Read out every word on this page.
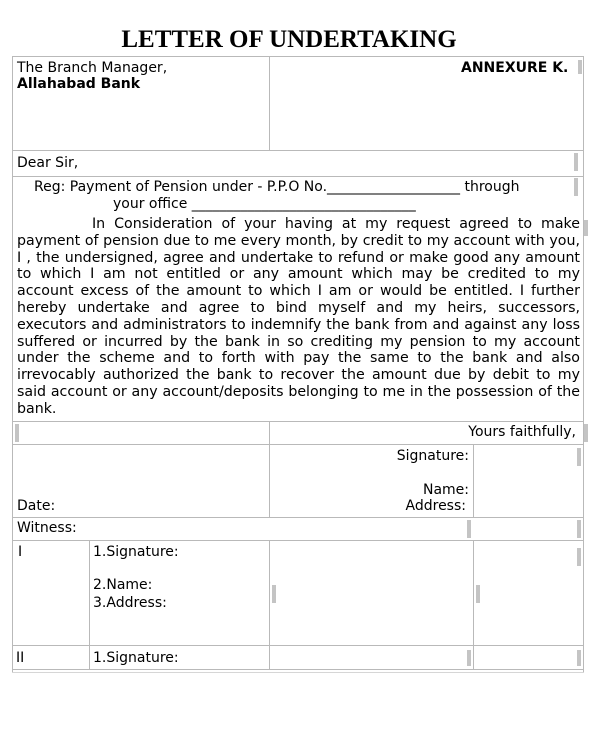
LETTER OF UNDERTAKING
The Branch Manager,
Allahabad Bank
ANNEXURE K.
Dear Sir,
Reg: Payment of Pension under - P.P.O No.___________________ through
your office ________________________________
In Consideration of your having at my request agreed to make payment of pension due to me every month, by credit to my account with you, I , the undersigned, agree and undertake to refund or make good any amount to which I am not entitled or any amount which may be credited to my account excess of the amount to which I am or would be entitled. I further hereby undertake and agree to bind myself and my heirs, successors, executors and administrators to indemnify the bank from and against any loss suffered or incurred by the bank in so crediting my pension to my account under the scheme and to forth with pay the same to the bank and also irrevocably authorized the bank to recover the amount due by debit to my said account or any account/deposits belonging to me in the possession of the bank.
Yours faithfully,
Signature:
Name:
Address:
Date:
Witness:
I	1.Signature:
2.Name:
3.Address:
II	1.Signature:
